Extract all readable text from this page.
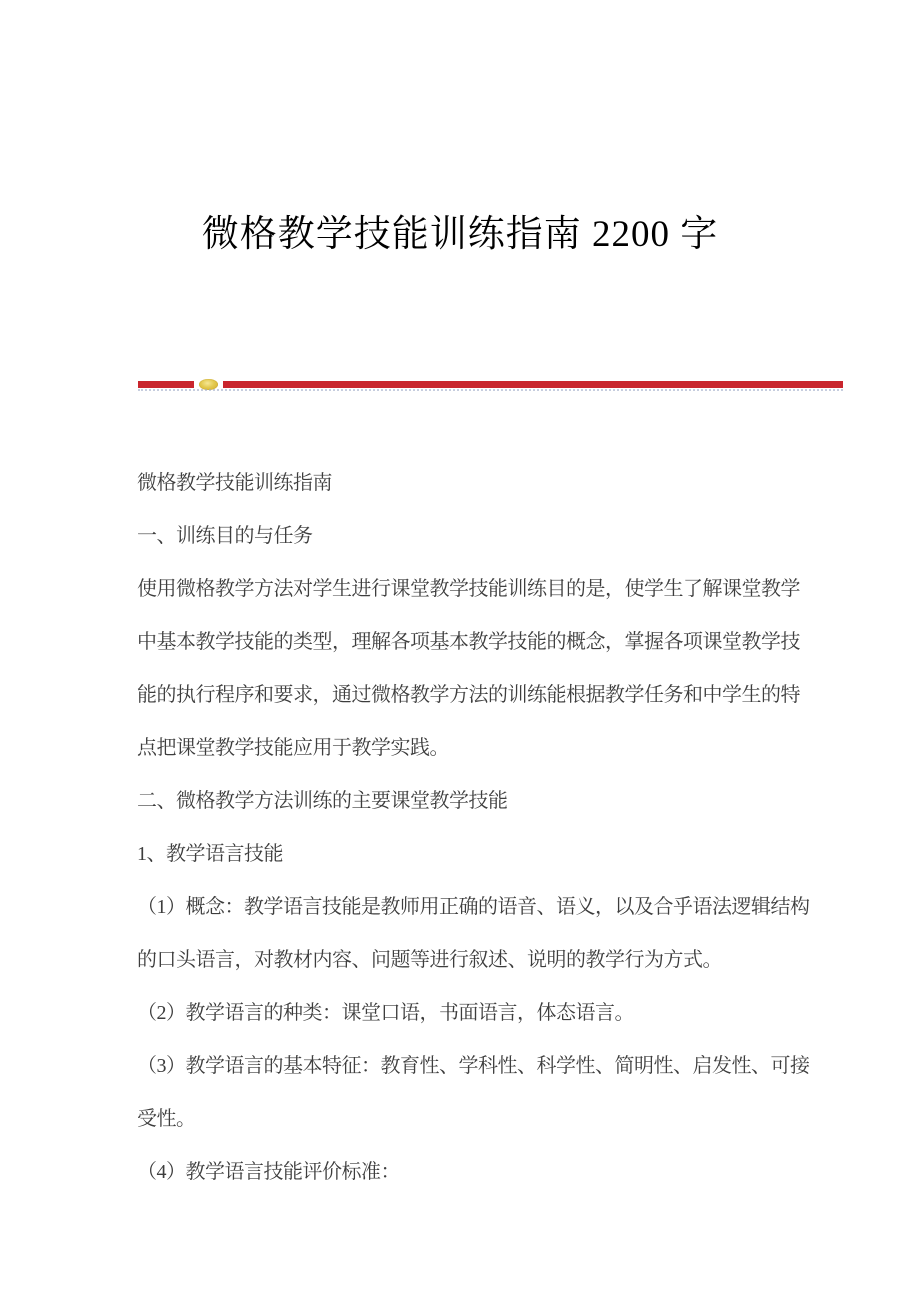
微格教学技能训练指南 2200 字
微格教学技能训练指南
一、训练目的与任务
使用微格教学方法对学生进行课堂教学技能训练目的是，使学生了解课堂教学
中基本教学技能的类型，理解各项基本教学技能的概念，掌握各项课堂教学技
能的执行程序和要求，通过微格教学方法的训练能根据教学任务和中学生的特
点把课堂教学技能应用于教学实践。
二、微格教学方法训练的主要课堂教学技能
1、教学语言技能
（1）概念：教学语言技能是教师用正确的语音、语义，以及合乎语法逻辑结构
的口头语言，对教材内容、问题等进行叙述、说明的教学行为方式。
（2）教学语言的种类：课堂口语，书面语言，体态语言。
（3）教学语言的基本特征：教育性、学科性、科学性、简明性、启发性、可接
受性。
（4）教学语言技能评价标准：
